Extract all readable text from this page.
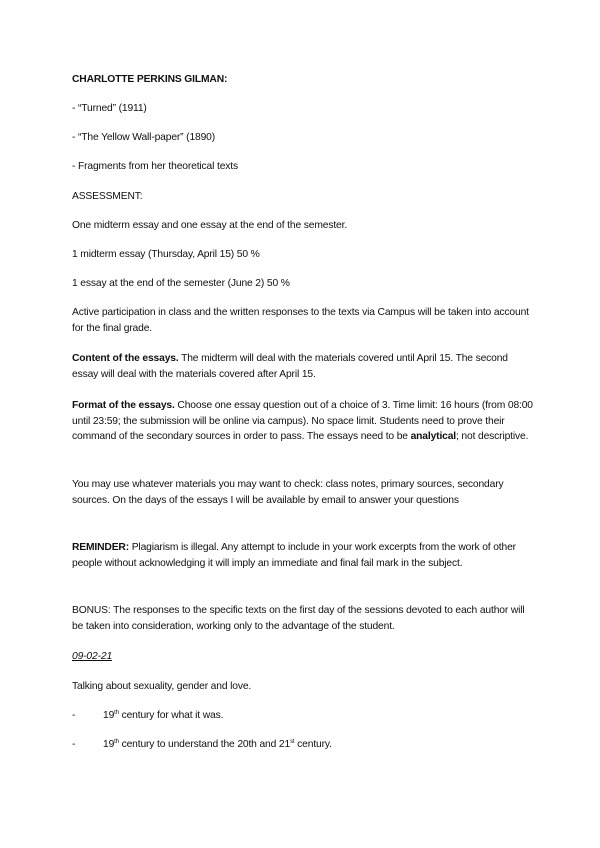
CHARLOTTE PERKINS GILMAN:
- “Turned” (1911)
- “The Yellow Wall-paper” (1890)
- Fragments from her theoretical texts
ASSESSMENT:
One midterm essay and one essay at the end of the semester.
1 midterm essay (Thursday, April 15) 50 %
1 essay at the end of the semester (June 2) 50 %
Active participation in class and the written responses to the texts via Campus will be taken into account for the final grade.
Content of the essays. The midterm will deal with the materials covered until April 15. The second essay will deal with the materials covered after April 15.
Format of the essays. Choose one essay question out of a choice of 3. Time limit: 16 hours (from 08:00 until 23:59; the submission will be online via campus). No space limit. Students need to prove their command of the secondary sources in order to pass. The essays need to be analytical; not descriptive.
You may use whatever materials you may want to check: class notes, primary sources, secondary sources. On the days of the essays I will be available by email to answer your questions
REMINDER: Plagiarism is illegal. Any attempt to include in your work excerpts from the work of other people without acknowledging it will imply an immediate and final fail mark in the subject.
BONUS: The responses to the specific texts on the first day of the sessions devoted to each author will be taken into consideration, working only to the advantage of the student.
09-02-21
Talking about sexuality, gender and love.
-	19th century for what it was.
-	19th century to understand the 20th and 21st century.
